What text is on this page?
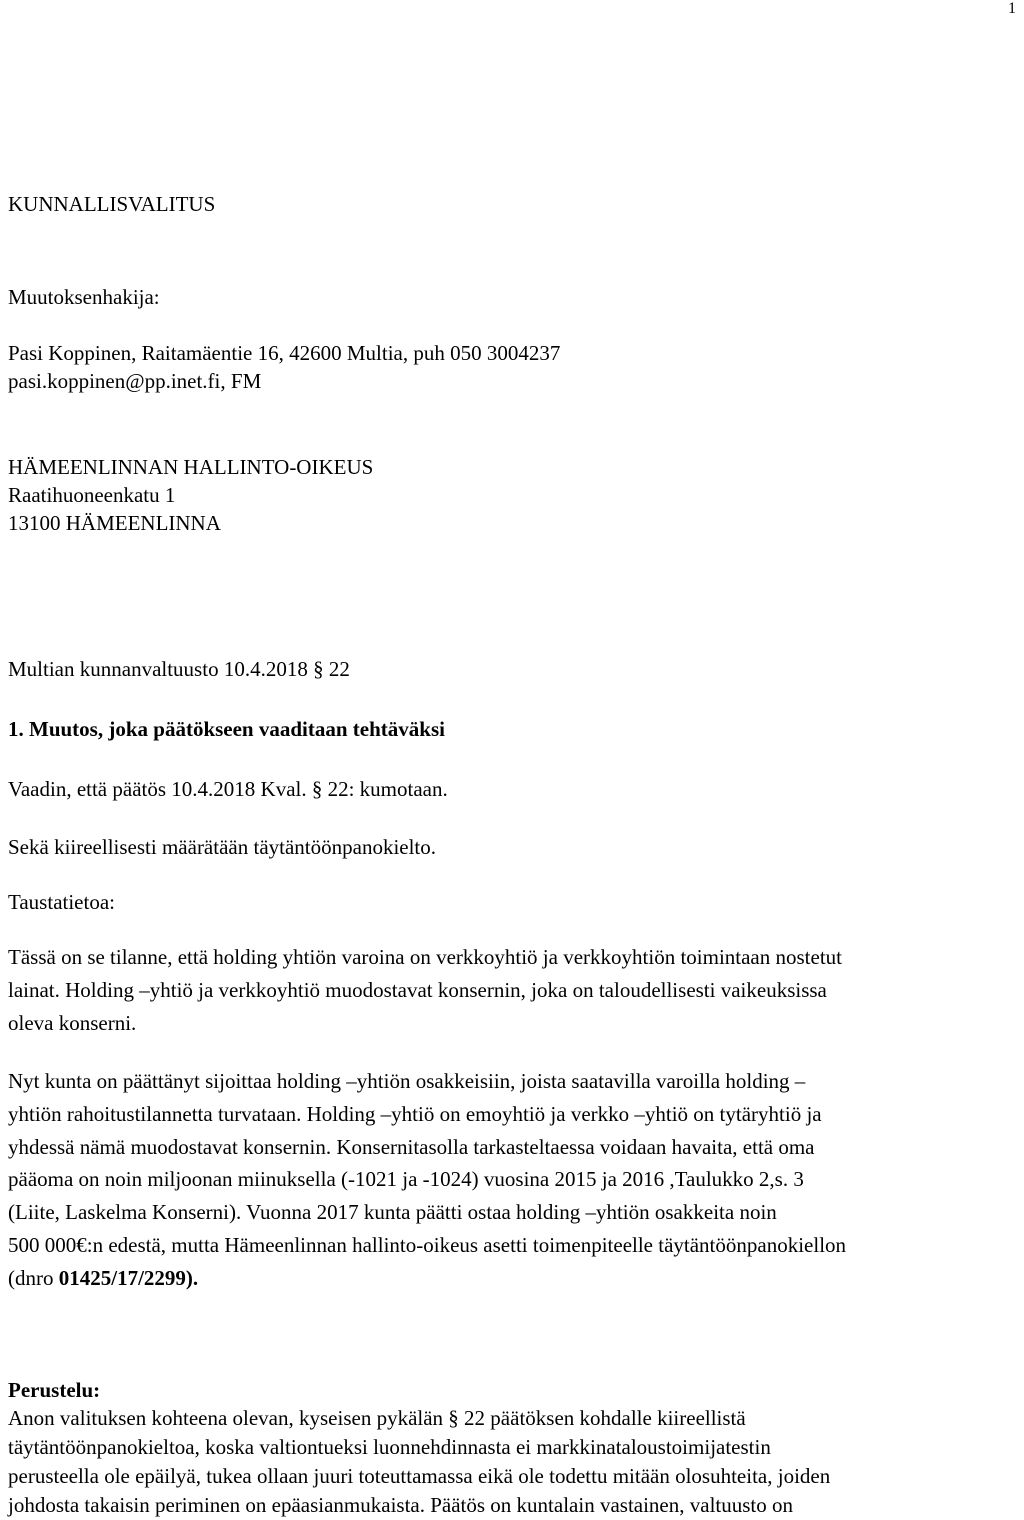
1
KUNNALLISVALITUS
Muutoksenhakija:
Pasi Koppinen, Raitamäentie 16, 42600 Multia, puh 050 3004237
pasi.koppinen@pp.inet.fi, FM
HÄMEENLINNAN HALLINTO-OIKEUS
Raatihuoneenkatu 1
13100 HÄMEENLINNA
Multian kunnanvaltuusto 10.4.2018 § 22
1. Muutos, joka päätökseen vaaditaan tehtäväksi
Vaadin, että päätös 10.4.2018 Kval. § 22: kumotaan.
Sekä kiireellisesti määrätään täytäntöönpanokielto.
Taustatietoa:
Tässä on se tilanne, että holding yhtiön varoina on verkkoyhtiö ja verkkoyhtiön toimintaan nostetut
lainat. Holding –yhtiö ja verkkoyhtiö muodostavat konsernin, joka on taloudellisesti vaikeuksissa
oleva konserni.
Nyt kunta on päättänyt sijoittaa holding –yhtiön osakkeisiin, joista saatavilla varoilla holding –
yhtiön rahoitustilannetta turvataan. Holding –yhtiö on emoyhtiö ja verkko –yhtiö on tytäryhtiö ja
yhdessä nämä muodostavat konsernin. Konsernitasolla tarkasteltaessa voidaan havaita, että oma
pääoma on noin miljoonan miinuksella (-1021 ja -1024) vuosina 2015 ja 2016 ,Taulukko 2,s. 3
(Liite, Laskelma Konserni). Vuonna 2017 kunta päätti ostaa holding –yhtiön osakkeita noin
500 000€:n edestä, mutta Hämeenlinnan hallinto-oikeus asetti toimenpiteelle täytäntöönpanokiellon
(dnro 01425/17/2299).
Perustelu:
Anon valituksen kohteena olevan, kyseisen pykälän § 22 päätöksen kohdalle kiireellistä
täytäntöönpanokieltoa, koska valtiontueksi luonnehdinnasta ei markkinataloustoimijatestin
perusteella ole epäilyä, tukea ollaan juuri toteuttamassa eikä ole todettu mitään olosuhteita, joiden
johdosta takaisin periminen on epäasianmukaista. Päätös on kuntalain vastainen, valtuusto on
